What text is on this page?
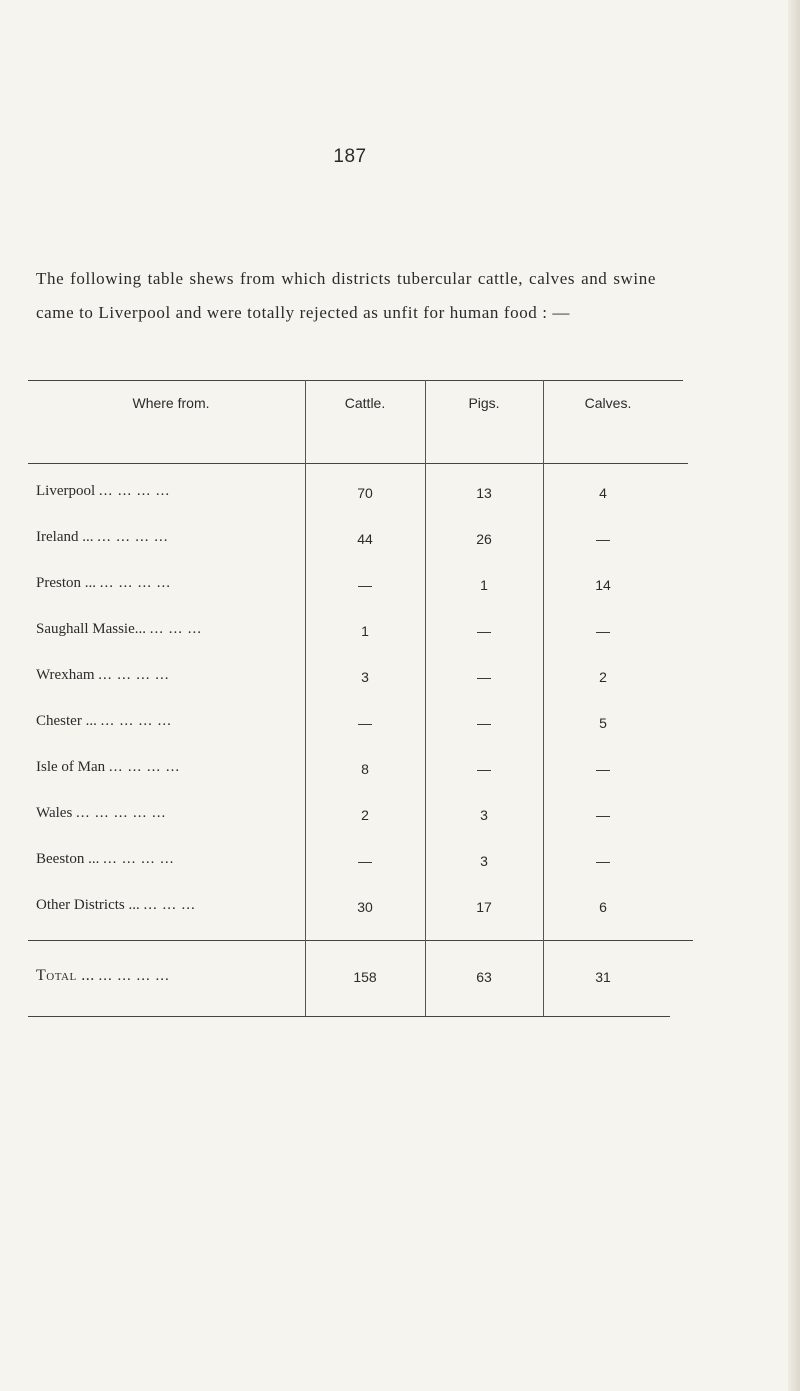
187
The following table shews from which districts tubercular cattle, calves and swine came to Liverpool and were totally rejected as unfit for human food : —
Where from.	Cattle.	Pigs.	Calves.
Liverpool ... ... ... ...	70	13	4
Ireland ... ... ... ... ...	44	26	—
Preston ... ... ... ... ...	—	1	14
Saughall Massie... ... ... ...	1	—	—
Wrexham ... ... ... ...	3	—	2
Chester ... ... ... ... ...	—	—	5
Isle of Man ... ... ... ...	8	—	—
Wales ... ... ... ... ...	2	3	—
Beeston ... ... ... ... ...	—	3	—
Other Districts ... ... ... ...	30	17	6
Total ... ... ... ... ...	158	63	31
